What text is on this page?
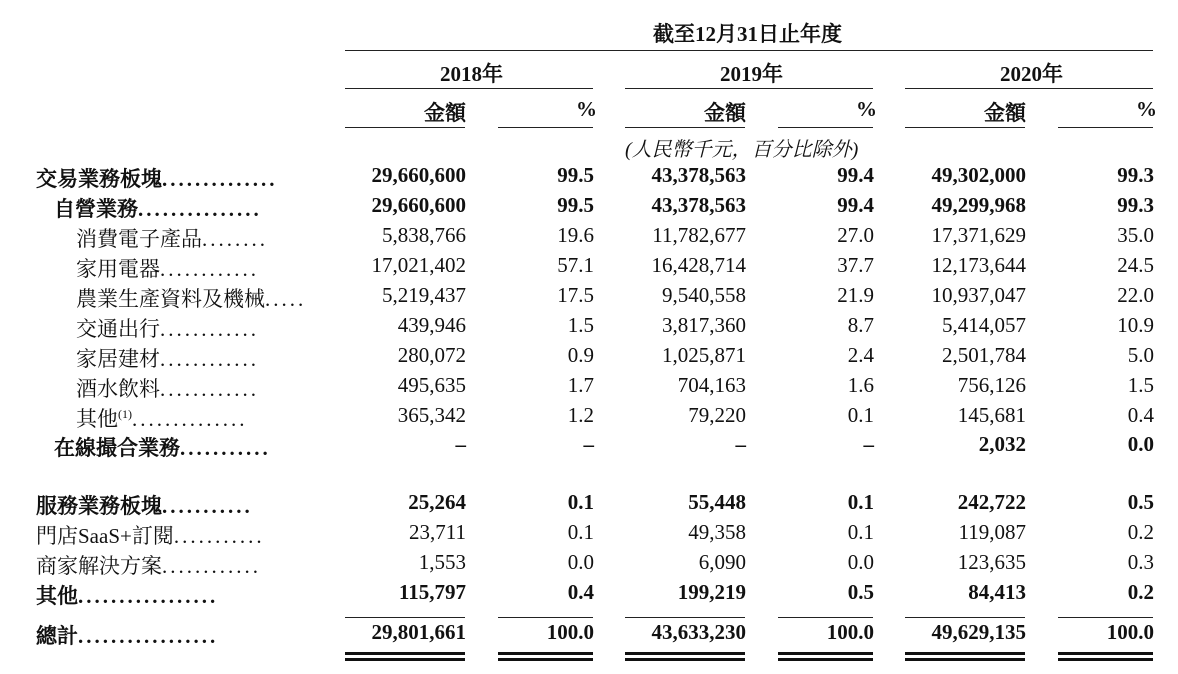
截至12月31日止年度
2018年	2019年	2020年
金額	%	金額	%	金額	%
(人民幣千元，百分比除外)
交易業務板塊..............	29,660,600	99.5	43,378,563	99.4	49,302,000	99.3
自營業務...............	29,660,600	99.5	43,378,563	99.4	49,299,968	99.3
消費電子產品........	5,838,766	19.6	11,782,677	27.0	17,371,629	35.0
家用電器............	17,021,402	57.1	16,428,714	37.7	12,173,644	24.5
農業生產資料及機械.....	5,219,437	17.5	9,540,558	21.9	10,937,047	22.0
交通出行............	439,946	1.5	3,817,360	8.7	5,414,057	10.9
家居建材............	280,072	0.9	1,025,871	2.4	2,501,784	5.0
酒水飲料............	495,635	1.7	704,163	1.6	756,126	1.5
其他$^{(1)}$..............	365,342	1.2	79,220	0.1	145,681	0.4
在線撮合業務...........	–	–	–	–	2,032	0.0
服務業務板塊...........	25,264	0.1	55,448	0.1	242,722	0.5
門店SaaS+訂閱...........	23,711	0.1	49,358	0.1	119,087	0.2
商家解決方案............	1,553	0.0	6,090	0.0	123,635	0.3
其他.................	115,797	0.4	199,219	0.5	84,413	0.2
總計.................	29,801,661	100.0	43,633,230	100.0	49,629,135	100.0
